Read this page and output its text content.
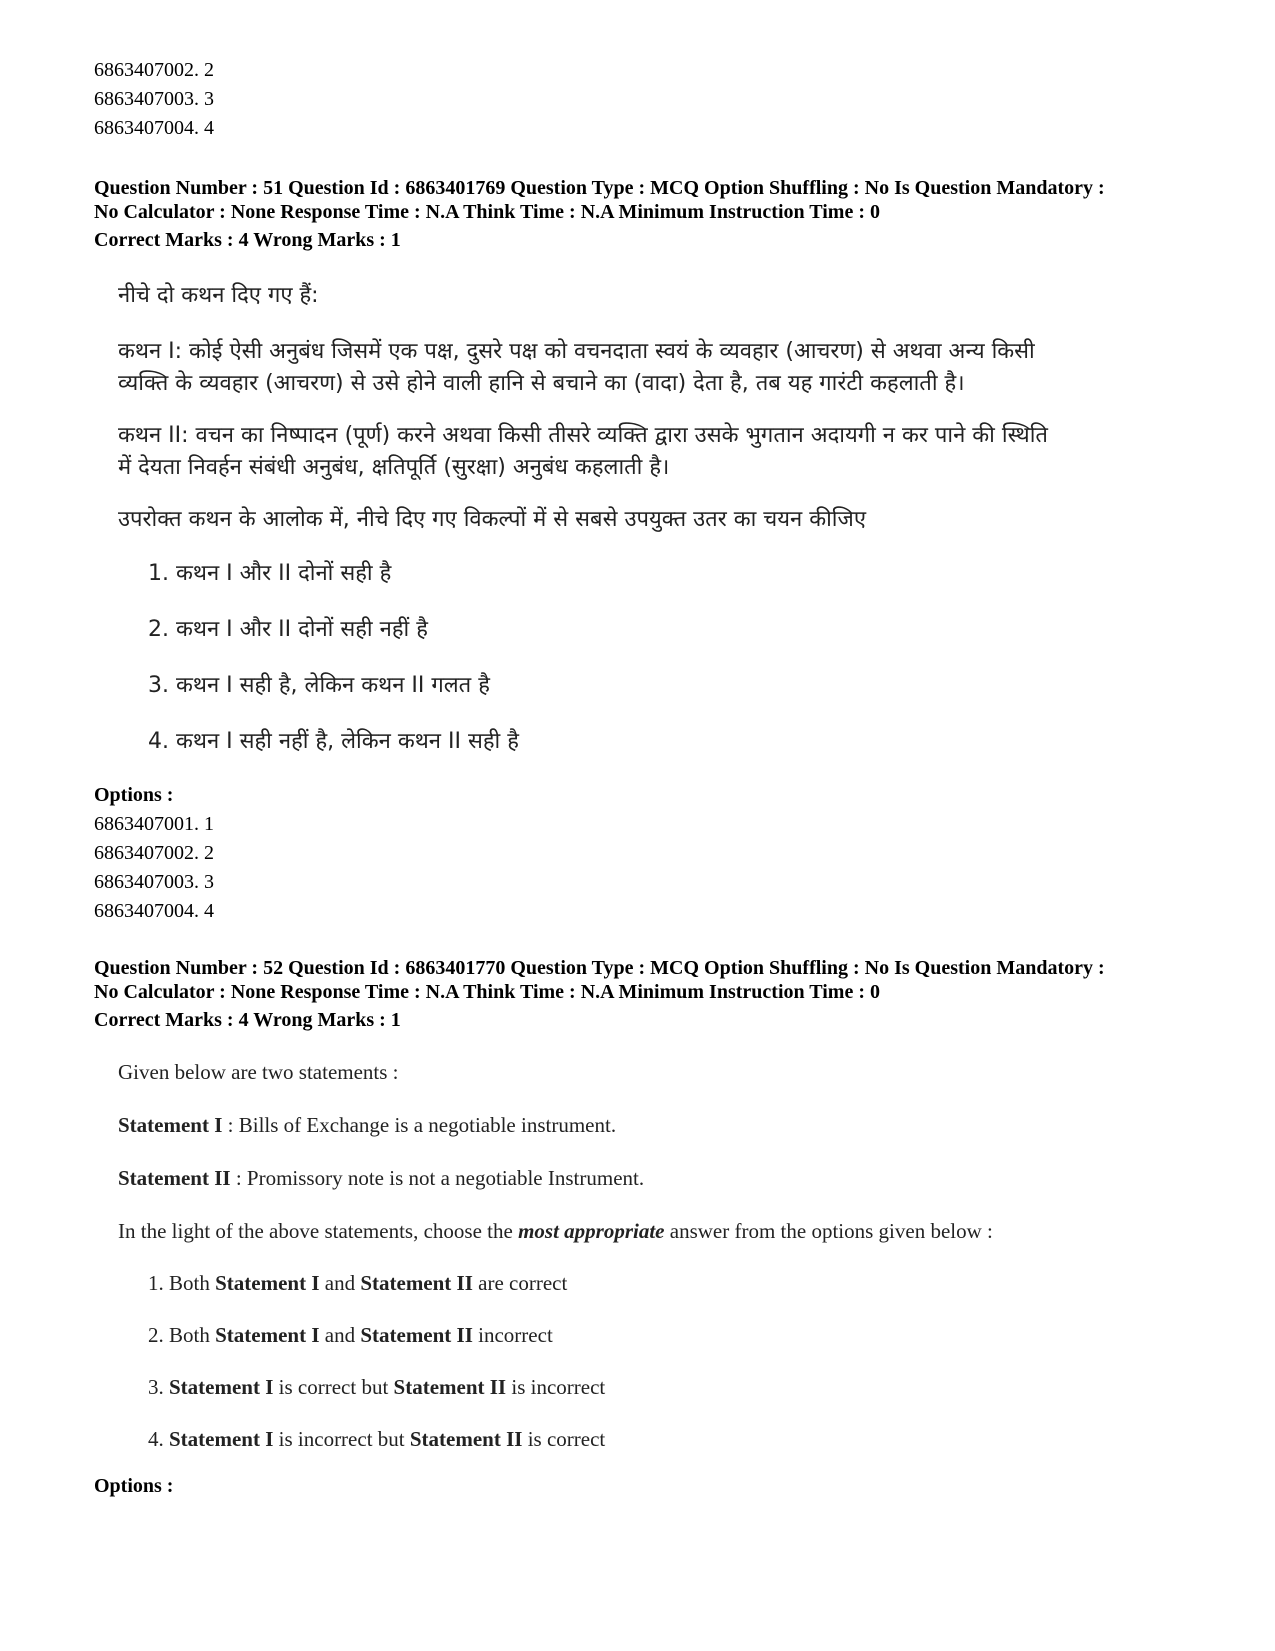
6863407002. 2
6863407003. 3
6863407004. 4
Question Number : 51 Question Id : 6863401769 Question Type : MCQ Option Shuffling : No Is Question Mandatory :
No Calculator : None Response Time : N.A Think Time : N.A Minimum Instruction Time : 0
Correct Marks : 4 Wrong Marks : 1

नीचे दो कथन दिए गए हैं:

कथन I: कोई ऐसी अनुबंध जिसमें एक पक्ष, दुसरे पक्ष को वचनदाता स्वयं के व्यवहार (आचरण) से अथवा अन्य किसी

व्यक्ति के व्यवहार (आचरण) से उसे होने वाली हानि से बचाने का (वादा) देता है, तब यह गारंटी कहलाती है।

कथन II: वचन का निष्पादन (पूर्ण) करने अथवा किसी तीसरे व्यक्ति द्वारा उसके भुगतान अदायगी न कर पाने की स्थिति

में देयता निवर्हन संबंधी अनुबंध, क्षतिपूर्ति (सुरक्षा) अनुबंध कहलाती है।

उपरोक्त कथन के आलोक में, नीचे दिए गए विकल्पों में से सबसे उपयुक्त उतर का चयन कीजिए

1. कथन I और II दोनों सही है

2. कथन I और II दोनों सही नहीं है

3. कथन I सही है, लेकिन कथन II गलत है

4. कथन I सही नहीं है, लेकिन कथन II सही है

Options :
6863407001. 1
6863407002. 2
6863407003. 3
6863407004. 4
Question Number : 52 Question Id : 6863401770 Question Type : MCQ Option Shuffling : No Is Question Mandatory :
No Calculator : None Response Time : N.A Think Time : N.A Minimum Instruction Time : 0
Correct Marks : 4 Wrong Marks : 1

Given below are two statements :

Statement I : Bills of Exchange is a negotiable instrument.

Statement II : Promissory note is not a negotiable Instrument.

In the light of the above statements, choose the most appropriate answer from the options given below :

1. Both Statement I and Statement II are correct

2. Both Statement I and Statement II incorrect

3. Statement I is correct but Statement II is incorrect

4. Statement I is incorrect but Statement II is correct

Options :
